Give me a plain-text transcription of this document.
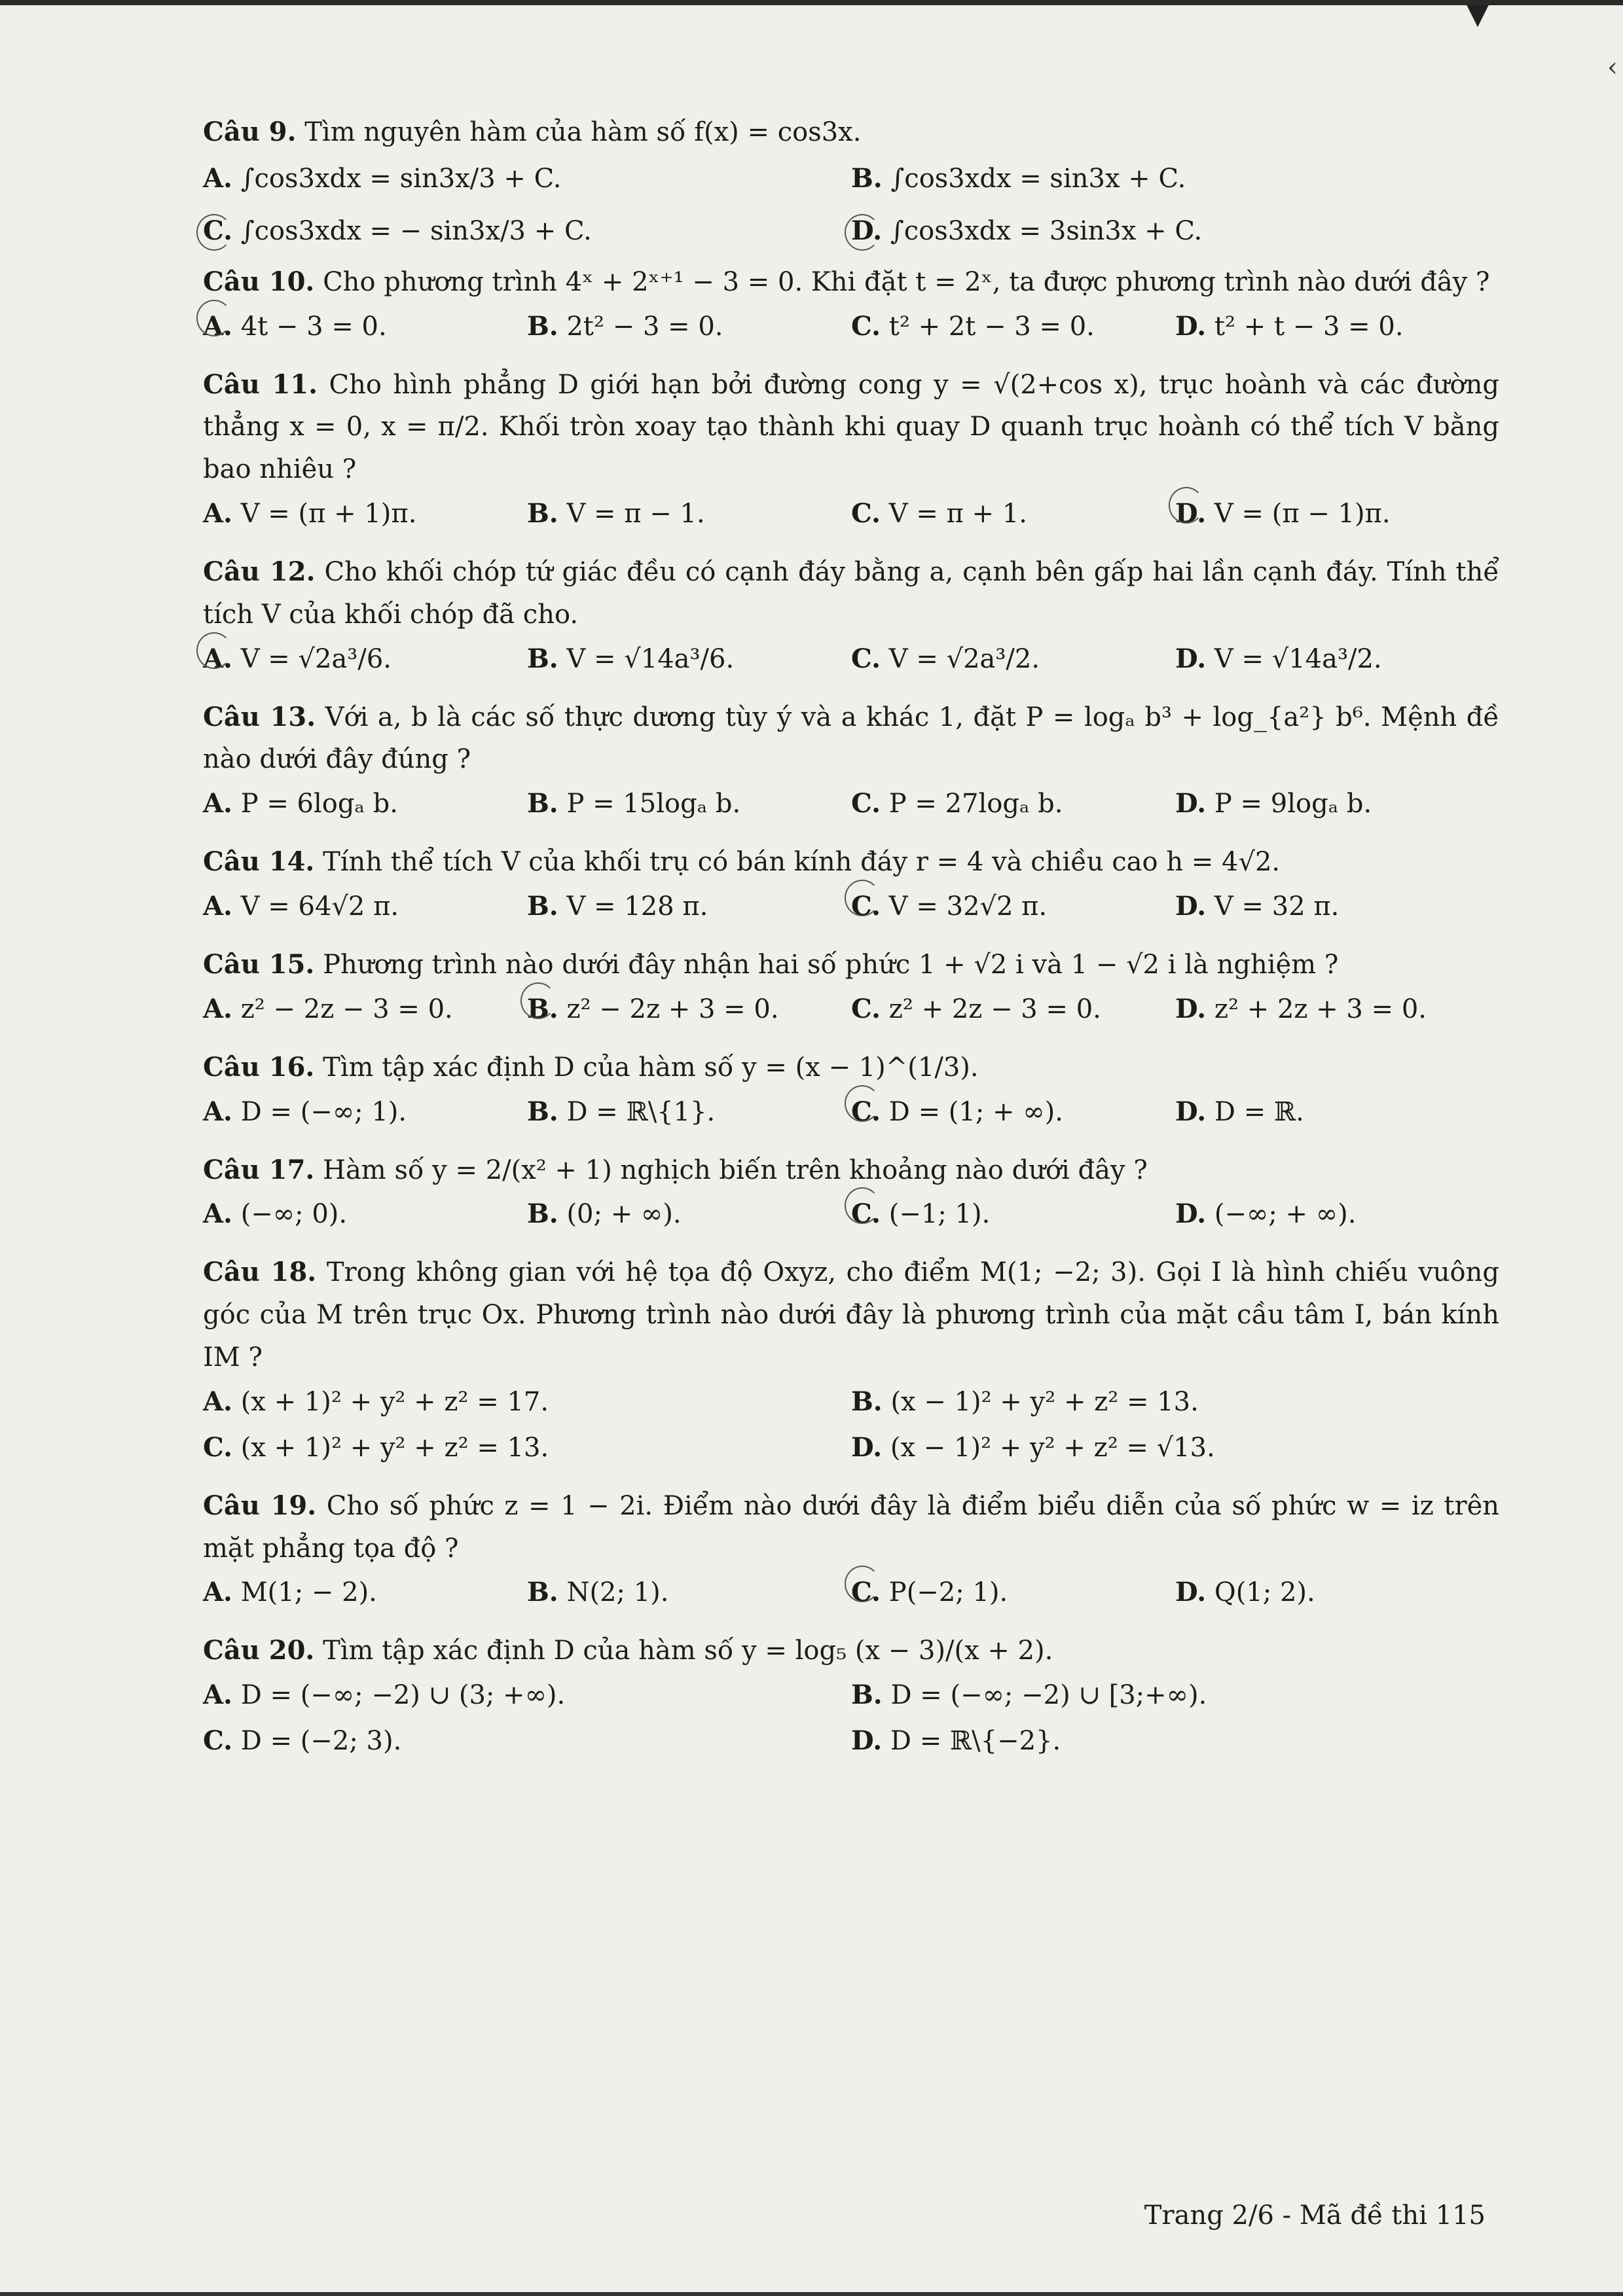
▼
‹
Câu 9. Tìm nguyên hàm của hàm số f(x) = cos3x.
A. ∫cos3xdx = sin3x/3 + C.	B. ∫cos3xdx = sin3x + C.
C. ∫cos3xdx = − sin3x/3 + C.	D. ∫cos3xdx = 3sin3x + C.
Câu 10. Cho phương trình 4ˣ + 2ˣ⁺¹ − 3 = 0. Khi đặt t = 2ˣ, ta được phương trình nào dưới đây ?
A. 4t − 3 = 0.	B. 2t² − 3 = 0.	C. t² + 2t − 3 = 0.	D. t² + t − 3 = 0.
Câu 11. Cho hình phẳng D giới hạn bởi đường cong y = √(2+cos x), trục hoành và các đường thẳng x = 0, x = π/2. Khối tròn xoay tạo thành khi quay D quanh trục hoành có thể tích V bằng bao nhiêu ?
A. V = (π + 1)π.	B. V = π − 1.	C. V = π + 1.	D. V = (π − 1)π.
Câu 12. Cho khối chóp tứ giác đều có cạnh đáy bằng a, cạnh bên gấp hai lần cạnh đáy. Tính thể tích V của khối chóp đã cho.
A. V = √2a³/6.	B. V = √14a³/6.	C. V = √2a³/2.	D. V = √14a³/2.
Câu 13. Với a, b là các số thực dương tùy ý và a khác 1, đặt P = logₐ b³ + log_{a²} b⁶. Mệnh đề nào dưới đây đúng ?
A. P = 6logₐ b.	B. P = 15logₐ b.	C. P = 27logₐ b.	D. P = 9logₐ b.
Câu 14. Tính thể tích V của khối trụ có bán kính đáy r = 4 và chiều cao h = 4√2.
A. V = 64√2 π.	B. V = 128 π.	C. V = 32√2 π.	D. V = 32 π.
Câu 15. Phương trình nào dưới đây nhận hai số phức 1 + √2 i và 1 − √2 i là nghiệm ?
A. z² − 2z − 3 = 0.	B. z² − 2z + 3 = 0.	C. z² + 2z − 3 = 0.	D. z² + 2z + 3 = 0.
Câu 16. Tìm tập xác định D của hàm số y = (x − 1)^(1/3).
A. D = (−∞; 1).	B. D = ℝ\{1}.	C. D = (1; + ∞).	D. D = ℝ.
Câu 17. Hàm số y = 2/(x² + 1) nghịch biến trên khoảng nào dưới đây ?
A. (−∞; 0).	B. (0; + ∞).	C. (−1; 1).	D. (−∞; + ∞).
Câu 18. Trong không gian với hệ tọa độ Oxyz, cho điểm M(1; −2; 3). Gọi I là hình chiếu vuông góc của M trên trục Ox. Phương trình nào dưới đây là phương trình của mặt cầu tâm I, bán kính IM ?
A. (x + 1)² + y² + z² = 17.	B. (x − 1)² + y² + z² = 13.
C. (x + 1)² + y² + z² = 13.	D. (x − 1)² + y² + z² = √13.
Câu 19. Cho số phức z = 1 − 2i. Điểm nào dưới đây là điểm biểu diễn của số phức w = iz trên mặt phẳng tọa độ ?
A. M(1; − 2).	B. N(2; 1).	C. P(−2; 1).	D. Q(1; 2).
Câu 20. Tìm tập xác định D của hàm số y = log₅ (x − 3)/(x + 2).
A. D = (−∞; −2) ∪ (3; +∞).	B. D = (−∞; −2) ∪ [3;+∞).
C. D = (−2; 3).	D. D = ℝ\{−2}.
Trang 2/6 - Mã đề thi 115
